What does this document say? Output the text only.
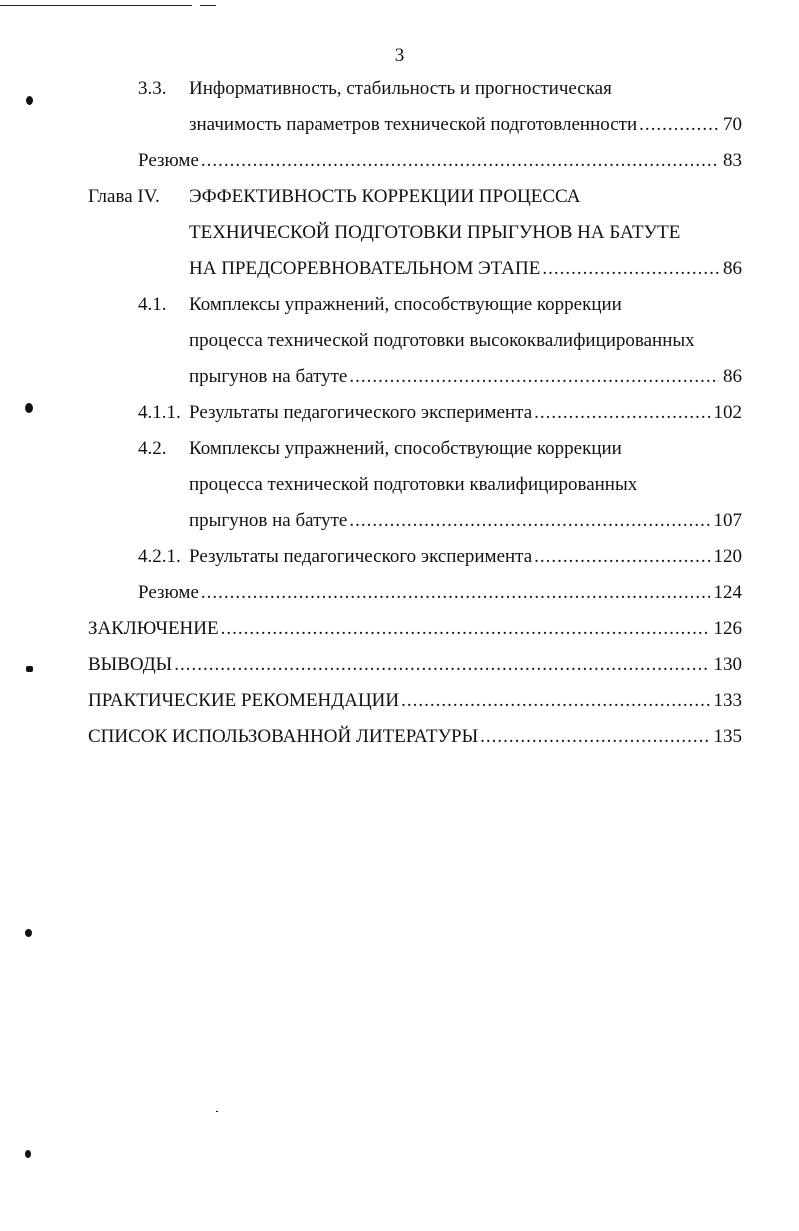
3
3.3. Информативность, стабильность и прогностическая
значимость параметров технической подготовленности .....	70
Резюме .....	83
Глава IV. ЭФФЕКТИВНОСТЬ КОРРЕКЦИИ ПРОЦЕССА
ТЕХНИЧЕСКОЙ ПОДГОТОВКИ ПРЫГУНОВ НА БАТУТЕ
НА ПРЕДСОРЕВНОВАТЕЛЬНОМ ЭТАПЕ .....	86
4.1. Комплексы упражнений, способствующие коррекции
процесса технической подготовки высококвалифицированных
прыгунов на батуте .....	86
4.1.1. Результаты педагогического эксперимента .....	102
4.2. Комплексы упражнений, способствующие коррекции
процесса технической подготовки квалифицированных
прыгунов на батуте .....	107
4.2.1. Результаты педагогического эксперимента .....	120
Резюме .....	124
ЗАКЛЮЧЕНИЕ .....	126
ВЫВОДЫ .....	130
ПРАКТИЧЕСКИЕ РЕКОМЕНДАЦИИ .....	133
СПИСОК ИСПОЛЬЗОВАННОЙ ЛИТЕРАТУРЫ .....	135
